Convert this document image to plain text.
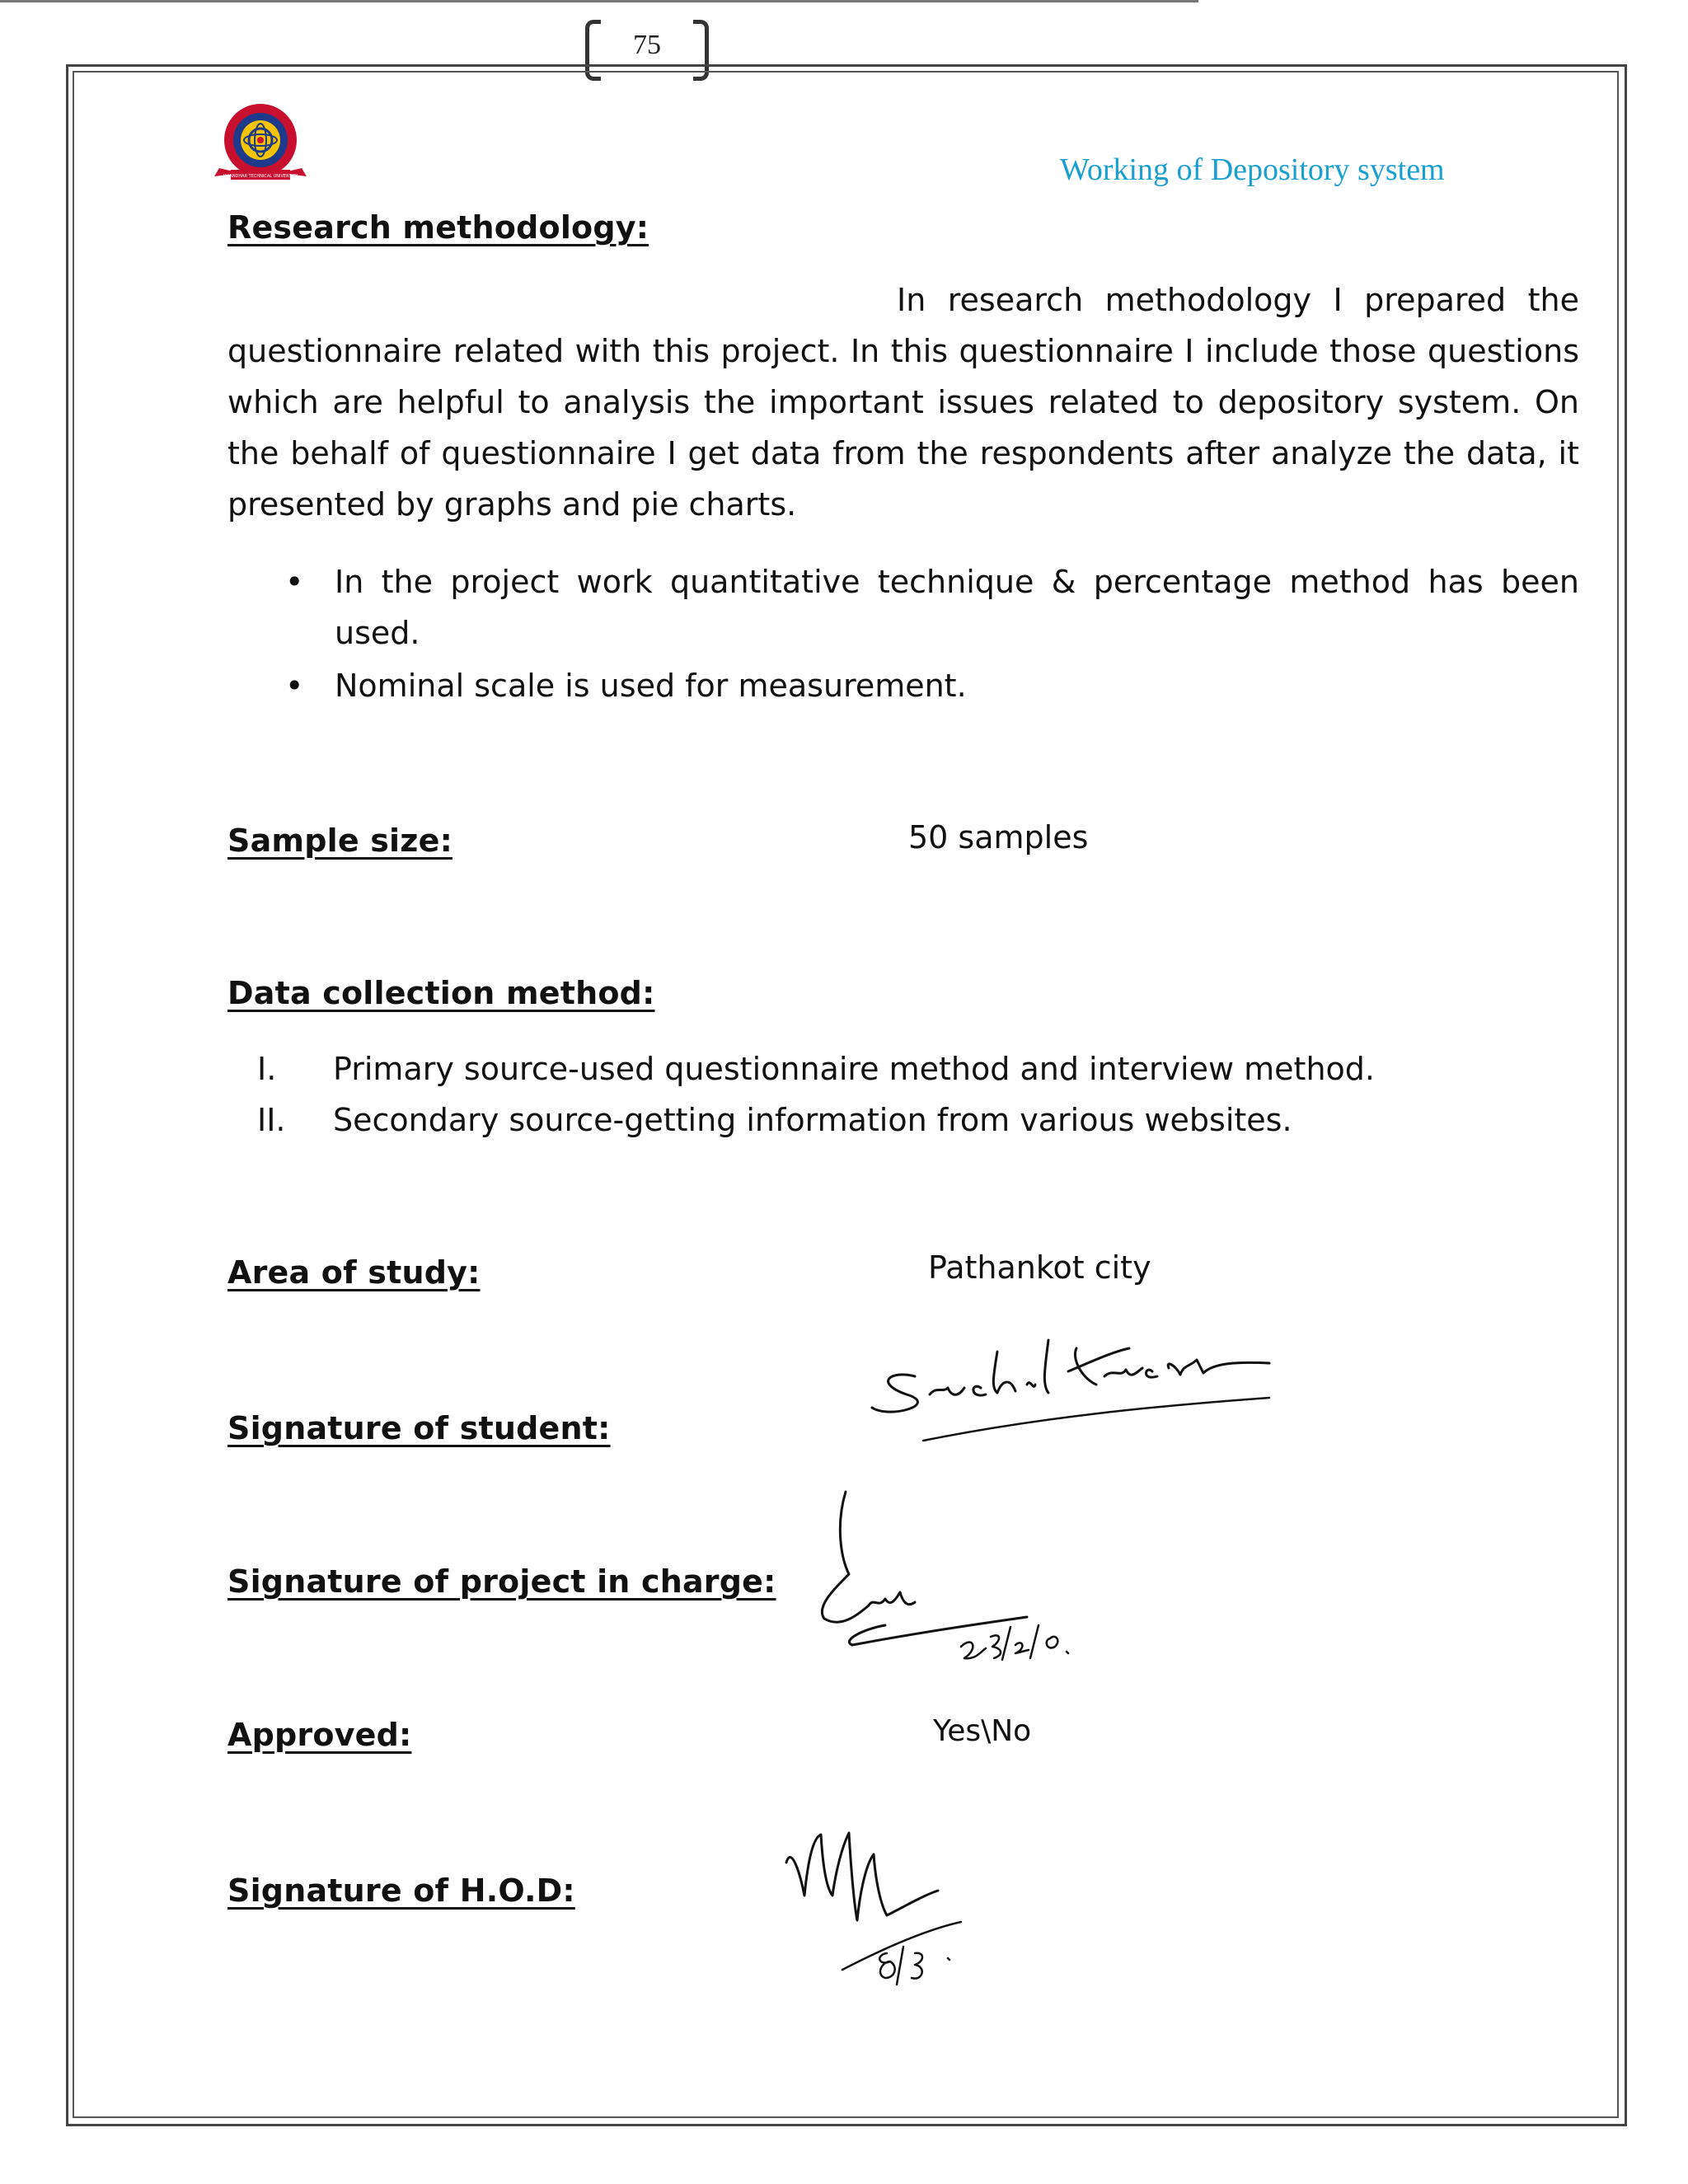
75
JALANDHAR TECHNICAL UNIVERSITY	Working of Depository system
Research methodology:
In research methodology I prepared the questionnaire related with this project. In this questionnaire I include those questions which are helpful to analysis the important issues related to depository system. On the behalf of questionnaire I get data from the respondents after analyze the data, it presented by graphs and pie charts.
• In the project work quantitative technique & percentage method has been used.
• Nominal scale is used for measurement.
Sample size:	50 samples
Data collection method:
I. Primary source-used questionnaire method and interview method.
II. Secondary source-getting information from various websites.
Area of study:	Pathankot city
Signature of student:
Signature of project in charge:
Approved:	Yes\No
Signature of H.O.D:
